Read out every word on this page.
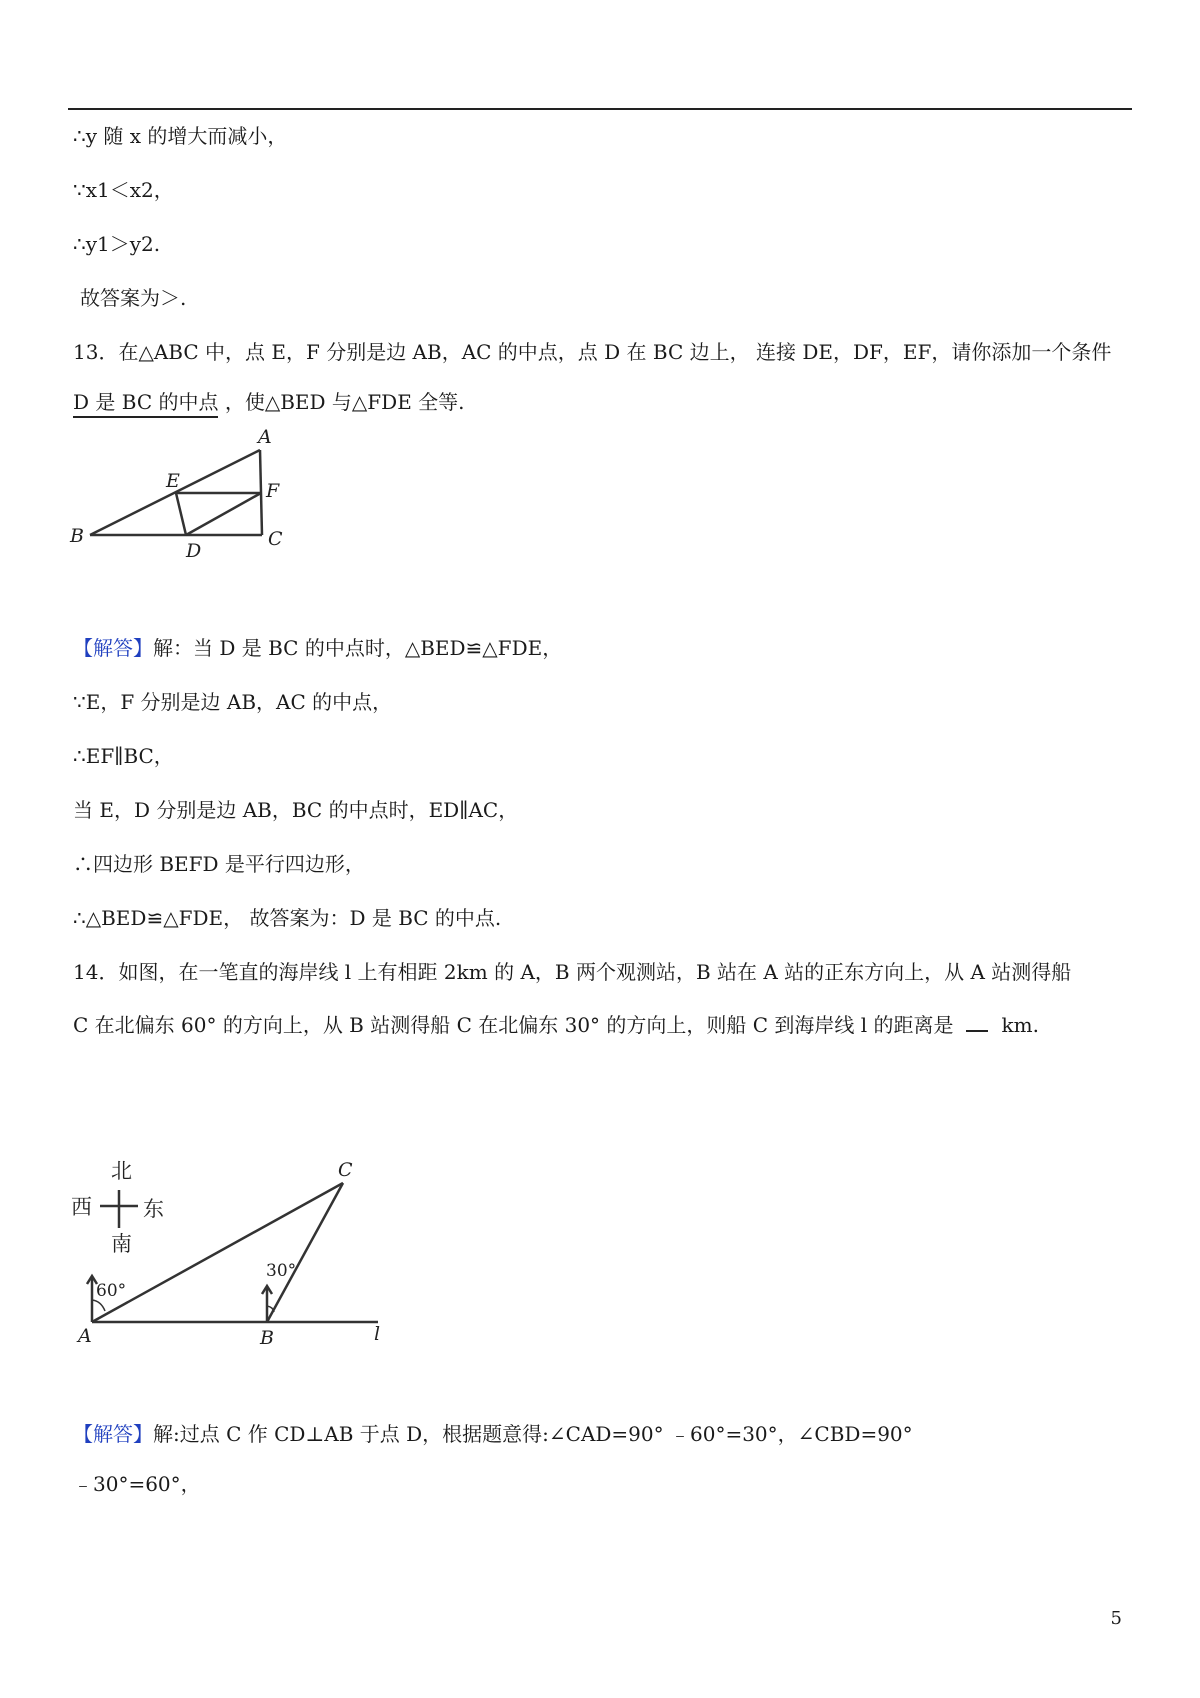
∴y 随 x 的增大而减小，
∵x1＜x2，
∴y1＞y2.
故答案为＞.
13．在△ABC 中，点 E，F 分别是边 AB，AC 的中点，点 D 在 BC 边上， 连接 DE，DF，EF，请你添加一个条件
D 是 BC 的中点 ，使△BED 与△FDE 全等.
A
B	C
D
E	F
【解答】解：当 D 是 BC 的中点时，△BED≌△FDE，
∵E，F 分别是边 AB，AC 的中点，
∴EF∥BC，
当 E，D 分别是边 AB，BC 的中点时，ED∥AC，
∴四边形 BEFD 是平行四边形，
∴△BED≌△FDE， 故答案为：D 是 BC 的中点.
14．如图，在一笔直的海岸线 l 上有相距 2km 的 A，B 两个观测站，B 站在 A 站的正东方向上，从 A 站测得船
C 在北偏东 60° 的方向上，从 B 站测得船 C 在北偏东 30° 的方向上，则船 C 到海岸线 l 的距离是 km.
北
南
西 东
60°
30°
A	B
C
l
【解答】解:过点 C 作 CD⊥AB 于点 D，根据题意得:∠CAD=90° ﹣60°=30°，∠CBD=90°
﹣30°=60°，
5
